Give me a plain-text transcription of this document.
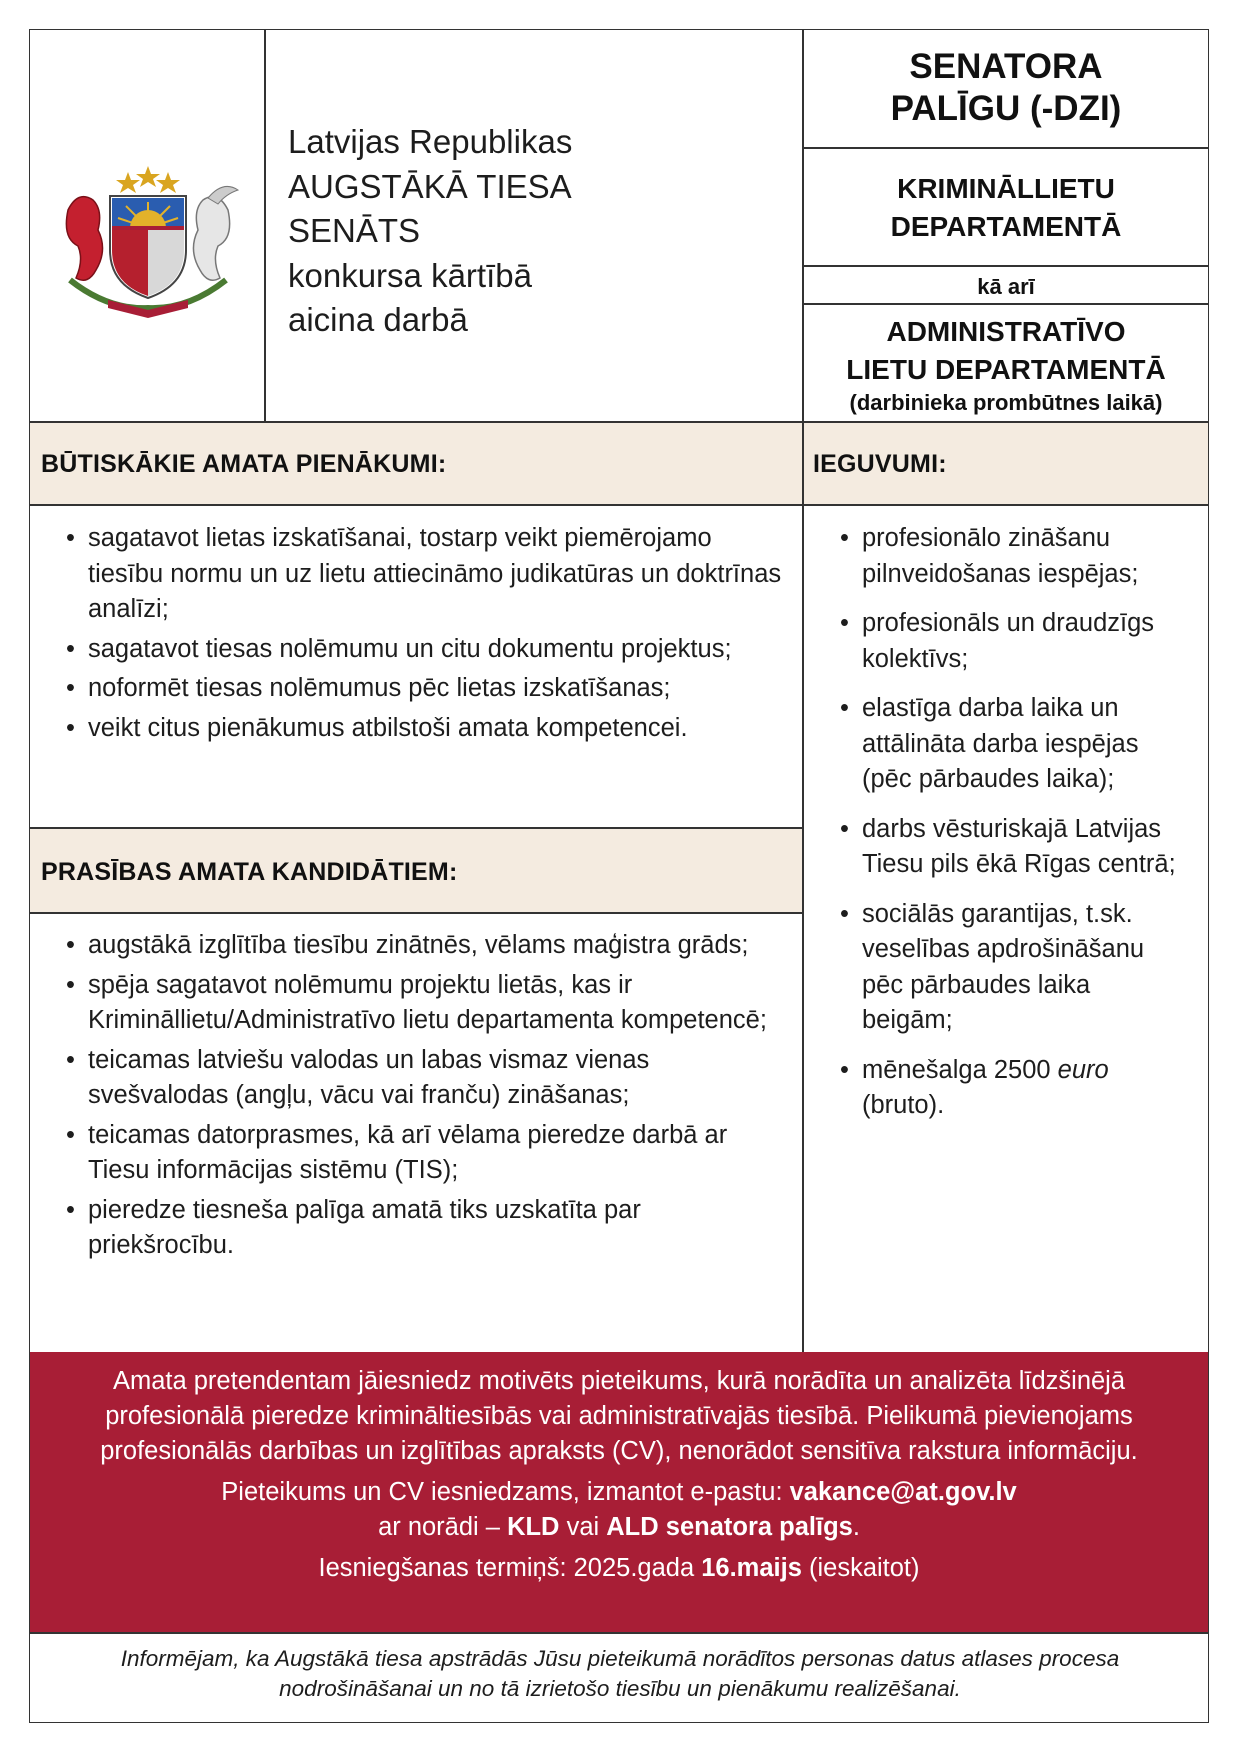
Latvijas Republikas
AUGSTĀKĀ TIESA
SENĀTS
konkursa kārtībā
aicina darbā
SENATORA
PALĪGU (-DZI)
KRIMINĀLLIETU
DEPARTAMENTĀ
kā arī
ADMINISTRATĪVO
LIETU DEPARTAMENTĀ
(darbinieka prombūtnes laikā)
BŪTISKĀKIE AMATA PIENĀKUMI:	IEGUVUMI:
• sagatavot lietas izskatīšanai, tostarp veikt piemērojamo tiesību normu un uz lietu attiecināmo judikatūras un doktrīnas analīzi;
• sagatavot tiesas nolēmumu un citu dokumentu projektus;
• noformēt tiesas nolēmumus pēc lietas izskatīšanas;
• veikt citus pienākumus atbilstoši amata kompetencei.
PRASĪBAS AMATA KANDIDĀTIEM:
• augstākā izglītība tiesību zinātnēs, vēlams maģistra grāds;
• spēja sagatavot nolēmumu projektu lietās, kas ir Krimināllietu/Administratīvo lietu departamenta kompetencē;
• teicamas latviešu valodas un labas vismaz vienas svešvalodas (angļu, vācu vai franču) zināšanas;
• teicamas datorprasmes, kā arī vēlama pieredze darbā ar Tiesu informācijas sistēmu (TIS);
• pieredze tiesneša palīga amatā tiks uzskatīta par priekšrocību.
• profesionālo zināšanu pilnveidošanas iespējas;
• profesionāls un draudzīgs kolektīvs;
• elastīga darba laika un attālināta darba iespējas (pēc pārbaudes laika);
• darbs vēsturiskajā Latvijas Tiesu pils ēkā Rīgas centrā;
• sociālās garantijas, t.sk. veselības apdrošināšanu pēc pārbaudes laika beigām;
• mēnešalga 2500 euro
(bruto).

Amata pretendentam jāiesniedz motivēts pieteikums, kurā norādīta un analizēta līdzšinējā profesionālā pieredze krimināltiesībās vai administratīvajās tiesībā. Pielikumā pievienojams profesionālās darbības un izglītības apraksts (CV), nenorādot sensitīva rakstura informāciju.

Pieteikums un CV iesniedzams, izmantot e-pastu: vakance@at.gov.lv

ar norādi – KLD vai ALD senatora palīgs.

Iesniegšanas termiņš: 2025.gada 16.maijs (ieskaitot)

Informējam, ka Augstākā tiesa apstrādās Jūsu pieteikumā norādītos personas datus atlases procesa nodrošināšanai un no tā izrietošo tiesību un pienākumu realizēšanai.
